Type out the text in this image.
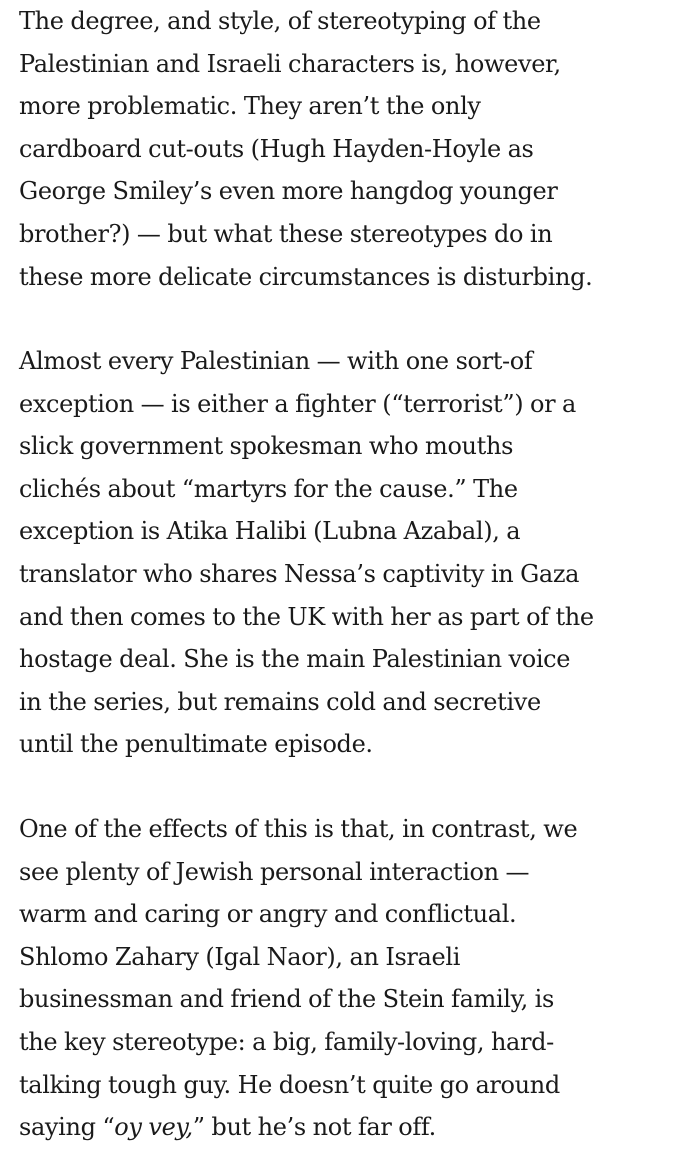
The degree, and style, of stereotyping of the
Palestinian and Israeli characters is, however,
more problematic. They aren’t the only
cardboard cut-outs (Hugh Hayden-Hoyle as
George Smiley’s even more hangdog younger
brother?) — but what these stereotypes do in
these more delicate circumstances is disturbing.

Almost every Palestinian — with one sort-of
exception — is either a fighter (“terrorist”) or a
slick government spokesman who mouths
clichés about “martyrs for the cause.” The
exception is Atika Halibi (Lubna Azabal), a
translator who shares Nessa’s captivity in Gaza
and then comes to the UK with her as part of the
hostage deal. She is the main Palestinian voice
in the series, but remains cold and secretive
until the penultimate episode.

One of the effects of this is that, in contrast, we
see plenty of Jewish personal interaction —
warm and caring or angry and conflictual.
Shlomo Zahary (Igal Naor), an Israeli
businessman and friend of the Stein family, is
the key stereotype: a big, family-loving, hard-
talking tough guy. He doesn’t quite go around
saying “oy vey,” but he’s not far off.
